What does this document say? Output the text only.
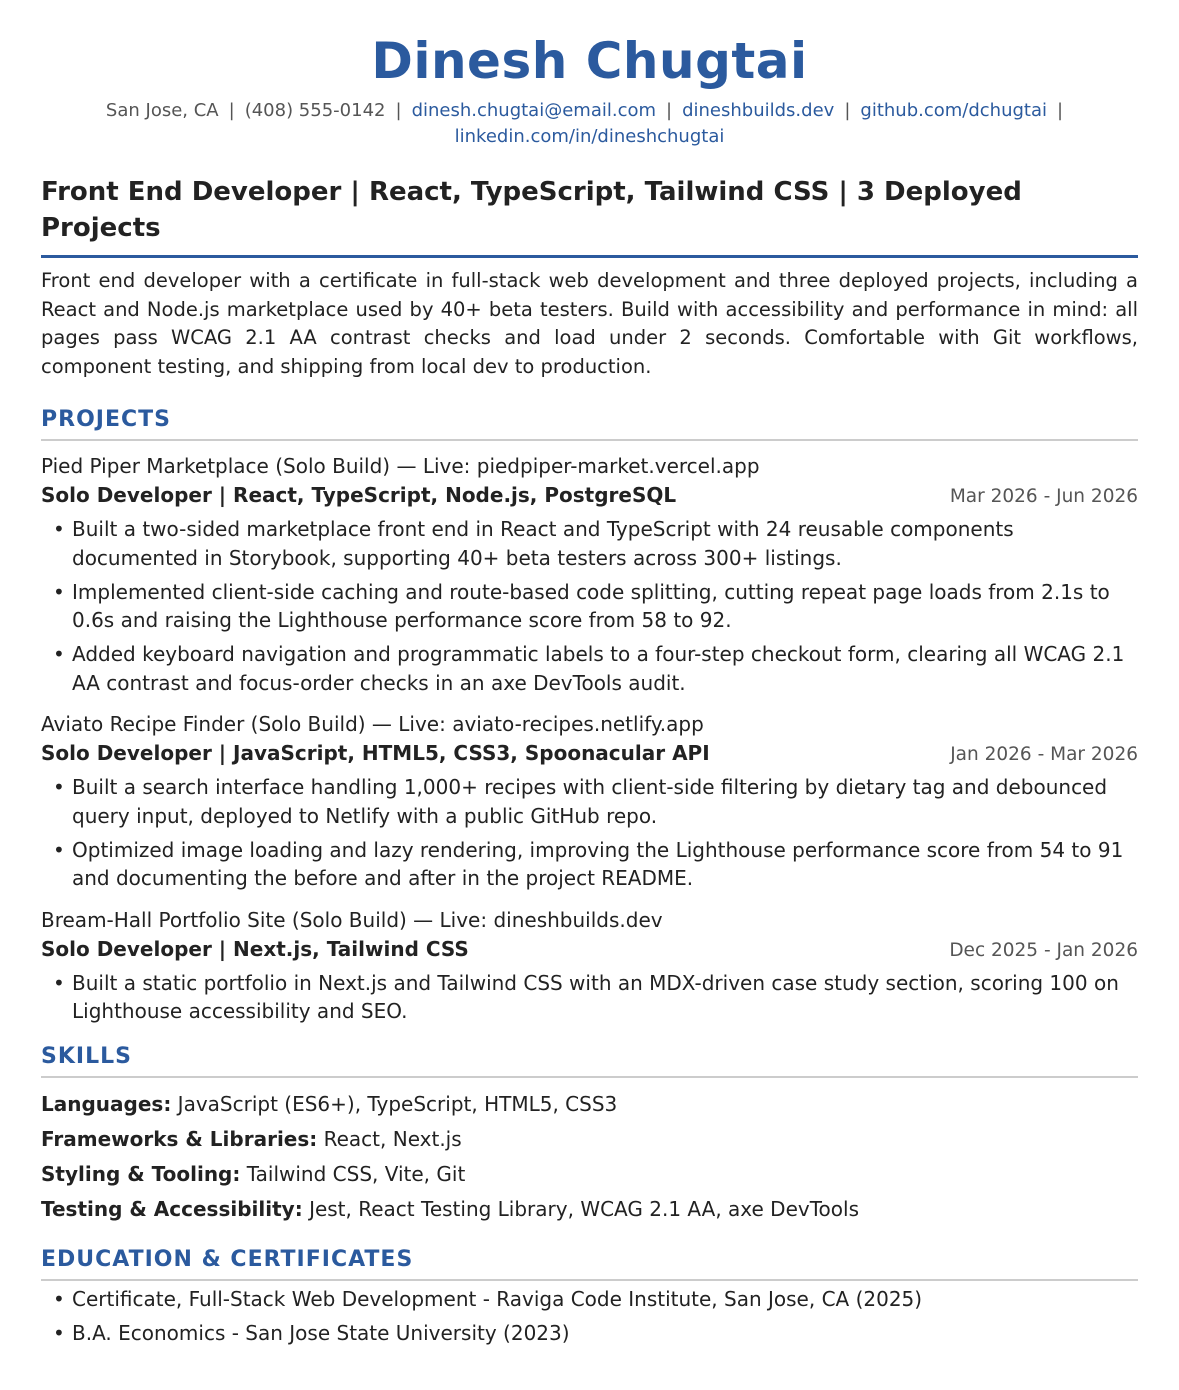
Dinesh Chugtai
San Jose, CA | (408) 555-0142 | dinesh.chugtai@email.com | dineshbuilds.dev | github.com/dchugtai |
linkedin.com/in/dineshchugtai
Front End Developer | React, TypeScript, Tailwind CSS | 3 Deployed Projects

Front end developer with a certificate in full-stack web development and three deployed projects, including a React and Node.js marketplace used by 40+ beta testers. Build with accessibility and performance in mind: all pages pass WCAG 2.1 AA contrast checks and load under 2 seconds. Comfortable with Git workflows, component testing, and shipping from local dev to production.

PROJECTS
Pied Piper Marketplace (Solo Build) — Live: piedpiper-market.vercel.app
Solo Developer | React, TypeScript, Node.js, PostgreSQL	Mar 2026 - Jun 2026
• Built a two-sided marketplace front end in React and TypeScript with 24 reusable components documented in Storybook, supporting 40+ beta testers across 300+ listings.
• Implemented client-side caching and route-based code splitting, cutting repeat page loads from 2.1s to 0.6s and raising the Lighthouse performance score from 58 to 92.
• Added keyboard navigation and programmatic labels to a four-step checkout form, clearing all WCAG 2.1 AA contrast and focus-order checks in an axe DevTools audit.
Aviato Recipe Finder (Solo Build) — Live: aviato-recipes.netlify.app
Solo Developer | JavaScript, HTML5, CSS3, Spoonacular API	Jan 2026 - Mar 2026
• Built a search interface handling 1,000+ recipes with client-side filtering by dietary tag and debounced query input, deployed to Netlify with a public GitHub repo.
• Optimized image loading and lazy rendering, improving the Lighthouse performance score from 54 to 91 and documenting the before and after in the project README.
Bream-Hall Portfolio Site (Solo Build) — Live: dineshbuilds.dev
Solo Developer | Next.js, Tailwind CSS	Dec 2025 - Jan 2026
• Built a static portfolio in Next.js and Tailwind CSS with an MDX-driven case study section, scoring 100 on Lighthouse accessibility and SEO.
SKILLS
Languages: JavaScript (ES6+), TypeScript, HTML5, CSS3
Frameworks & Libraries: React, Next.js
Styling & Tooling: Tailwind CSS, Vite, Git
Testing & Accessibility: Jest, React Testing Library, WCAG 2.1 AA, axe DevTools
EDUCATION & CERTIFICATES
• Certificate, Full-Stack Web Development - Raviga Code Institute, San Jose, CA (2025)
• B.A. Economics - San Jose State University (2023)
